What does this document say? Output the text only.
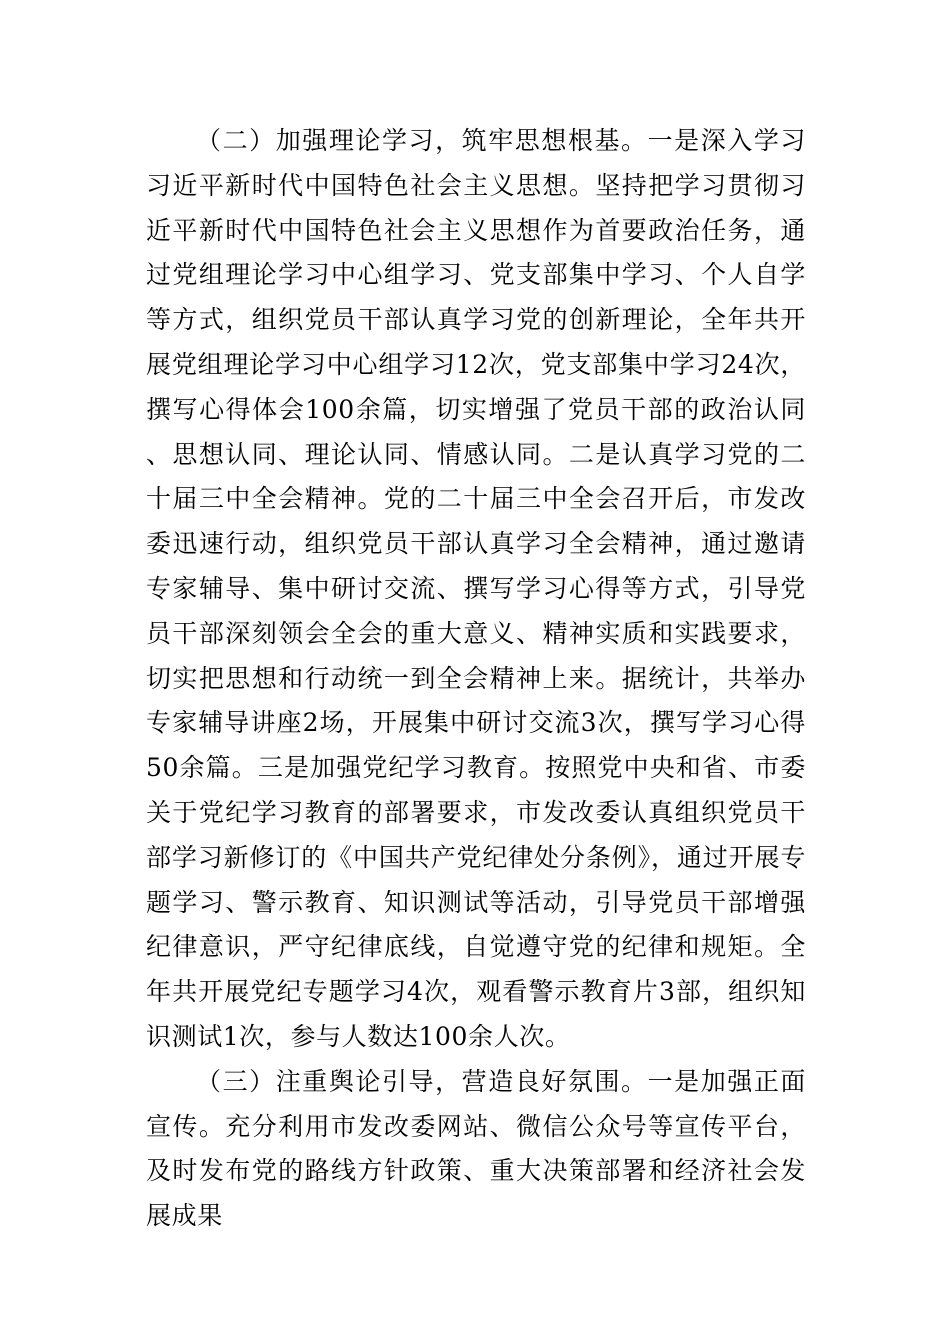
（二）加强理论学习，筑牢思想根基。一是深入学习习近平新时代中国特色社会主义思想。坚持把学习贯彻习近平新时代中国特色社会主义思想作为首要政治任务，通过党组理论学习中心组学习、党支部集中学习、个人自学等方式，组织党员干部认真学习党的创新理论，全年共开展党组理论学习中心组学习12次，党支部集中学习24次，撰写心得体会100余篇，切实增强了党员干部的政治认同、思想认同、理论认同、情感认同。二是认真学习党的二十届三中全会精神。党的二十届三中全会召开后，市发改委迅速行动，组织党员干部认真学习全会精神，通过邀请专家辅导、集中研讨交流、撰写学习心得等方式，引导党员干部深刻领会全会的重大意义、精神实质和实践要求，切实把思想和行动统一到全会精神上来。据统计，共举办专家辅导讲座2场，开展集中研讨交流3次，撰写学习心得50余篇。三是加强党纪学习教育。按照党中央和省、市委关于党纪学习教育的部署要求，市发改委认真组织党员干部学习新修订的《中国共产党纪律处分条例》，通过开展专题学习、警示教育、知识测试等活动，引导党员干部增强纪律意识，严守纪律底线，自觉遵守党的纪律和规矩。全年共开展党纪专题学习4次，观看警示教育片3部，组织知识测试1次，参与人数达100余人次。

（三）注重舆论引导，营造良好氛围。一是加强正面宣传。充分利用市发改委网站、微信公众号等宣传平台，及时发布党的路线方针政策、重大决策部署和经济社会发展成果
